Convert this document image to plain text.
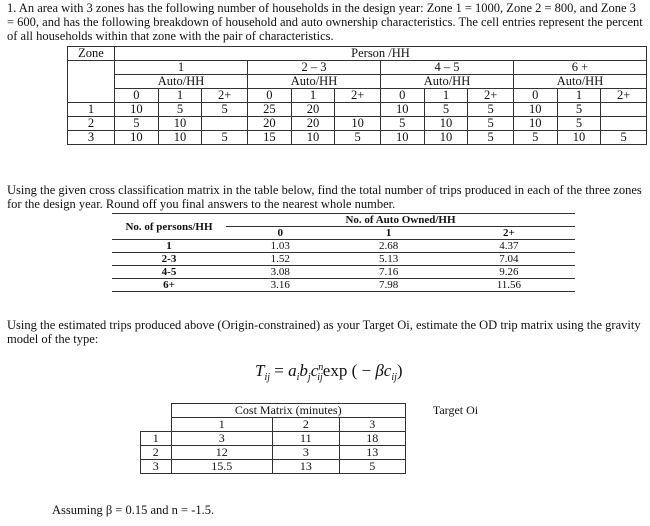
1. An area with 3 zones has the following number of households in the design year: Zone 1 = 1000, Zone 2 = 800, and Zone 3 = 600, and has the following breakdown of household and auto ownership characteristics. The cell entries represent the percent of all households within that zone with the pair of characteristics.

Zone	Person /HH											
	1			2 – 3			4 – 5			6 +		
	Auto/HH			Auto/HH			Auto/HH			Auto/HH		
	0	1	2+	0	1	2+	0	1	2+	0	1	2+
1	10	5	5	25	20		10	5	5	10	5	
2	5	10		20	20	10	5	10	5	10	5	
3	10	10	5	15	10	5	10	10	5	5	10	5

Using the given cross classification matrix in the table below, find the total number of trips produced in each of the three zones for the design year. Round off you final answers to the nearest whole number.

No. of persons/HH	No. of Auto Owned/HH		
	0	1	2+
1	1.03	2.68	4.37
2-3	1.52	5.13	7.04
4-5	3.08	7.16	9.26
6+	3.16	7.98	11.56

Using the estimated trips produced above (Origin-constrained) as your Target Oi, estimate the OD trip matrix using the gravity model of the type:

$T_{ij} = a_ib_jc^n_{ij}\exp$ ( − $\beta c_{ij}$)
	Cost Matrix (minutes)			Target Oi
	1	2	3	
1	3	11	18	
2	12	3	13	
3	15.5	13	5	

Assuming β = 0.15 and n = -1.5.
